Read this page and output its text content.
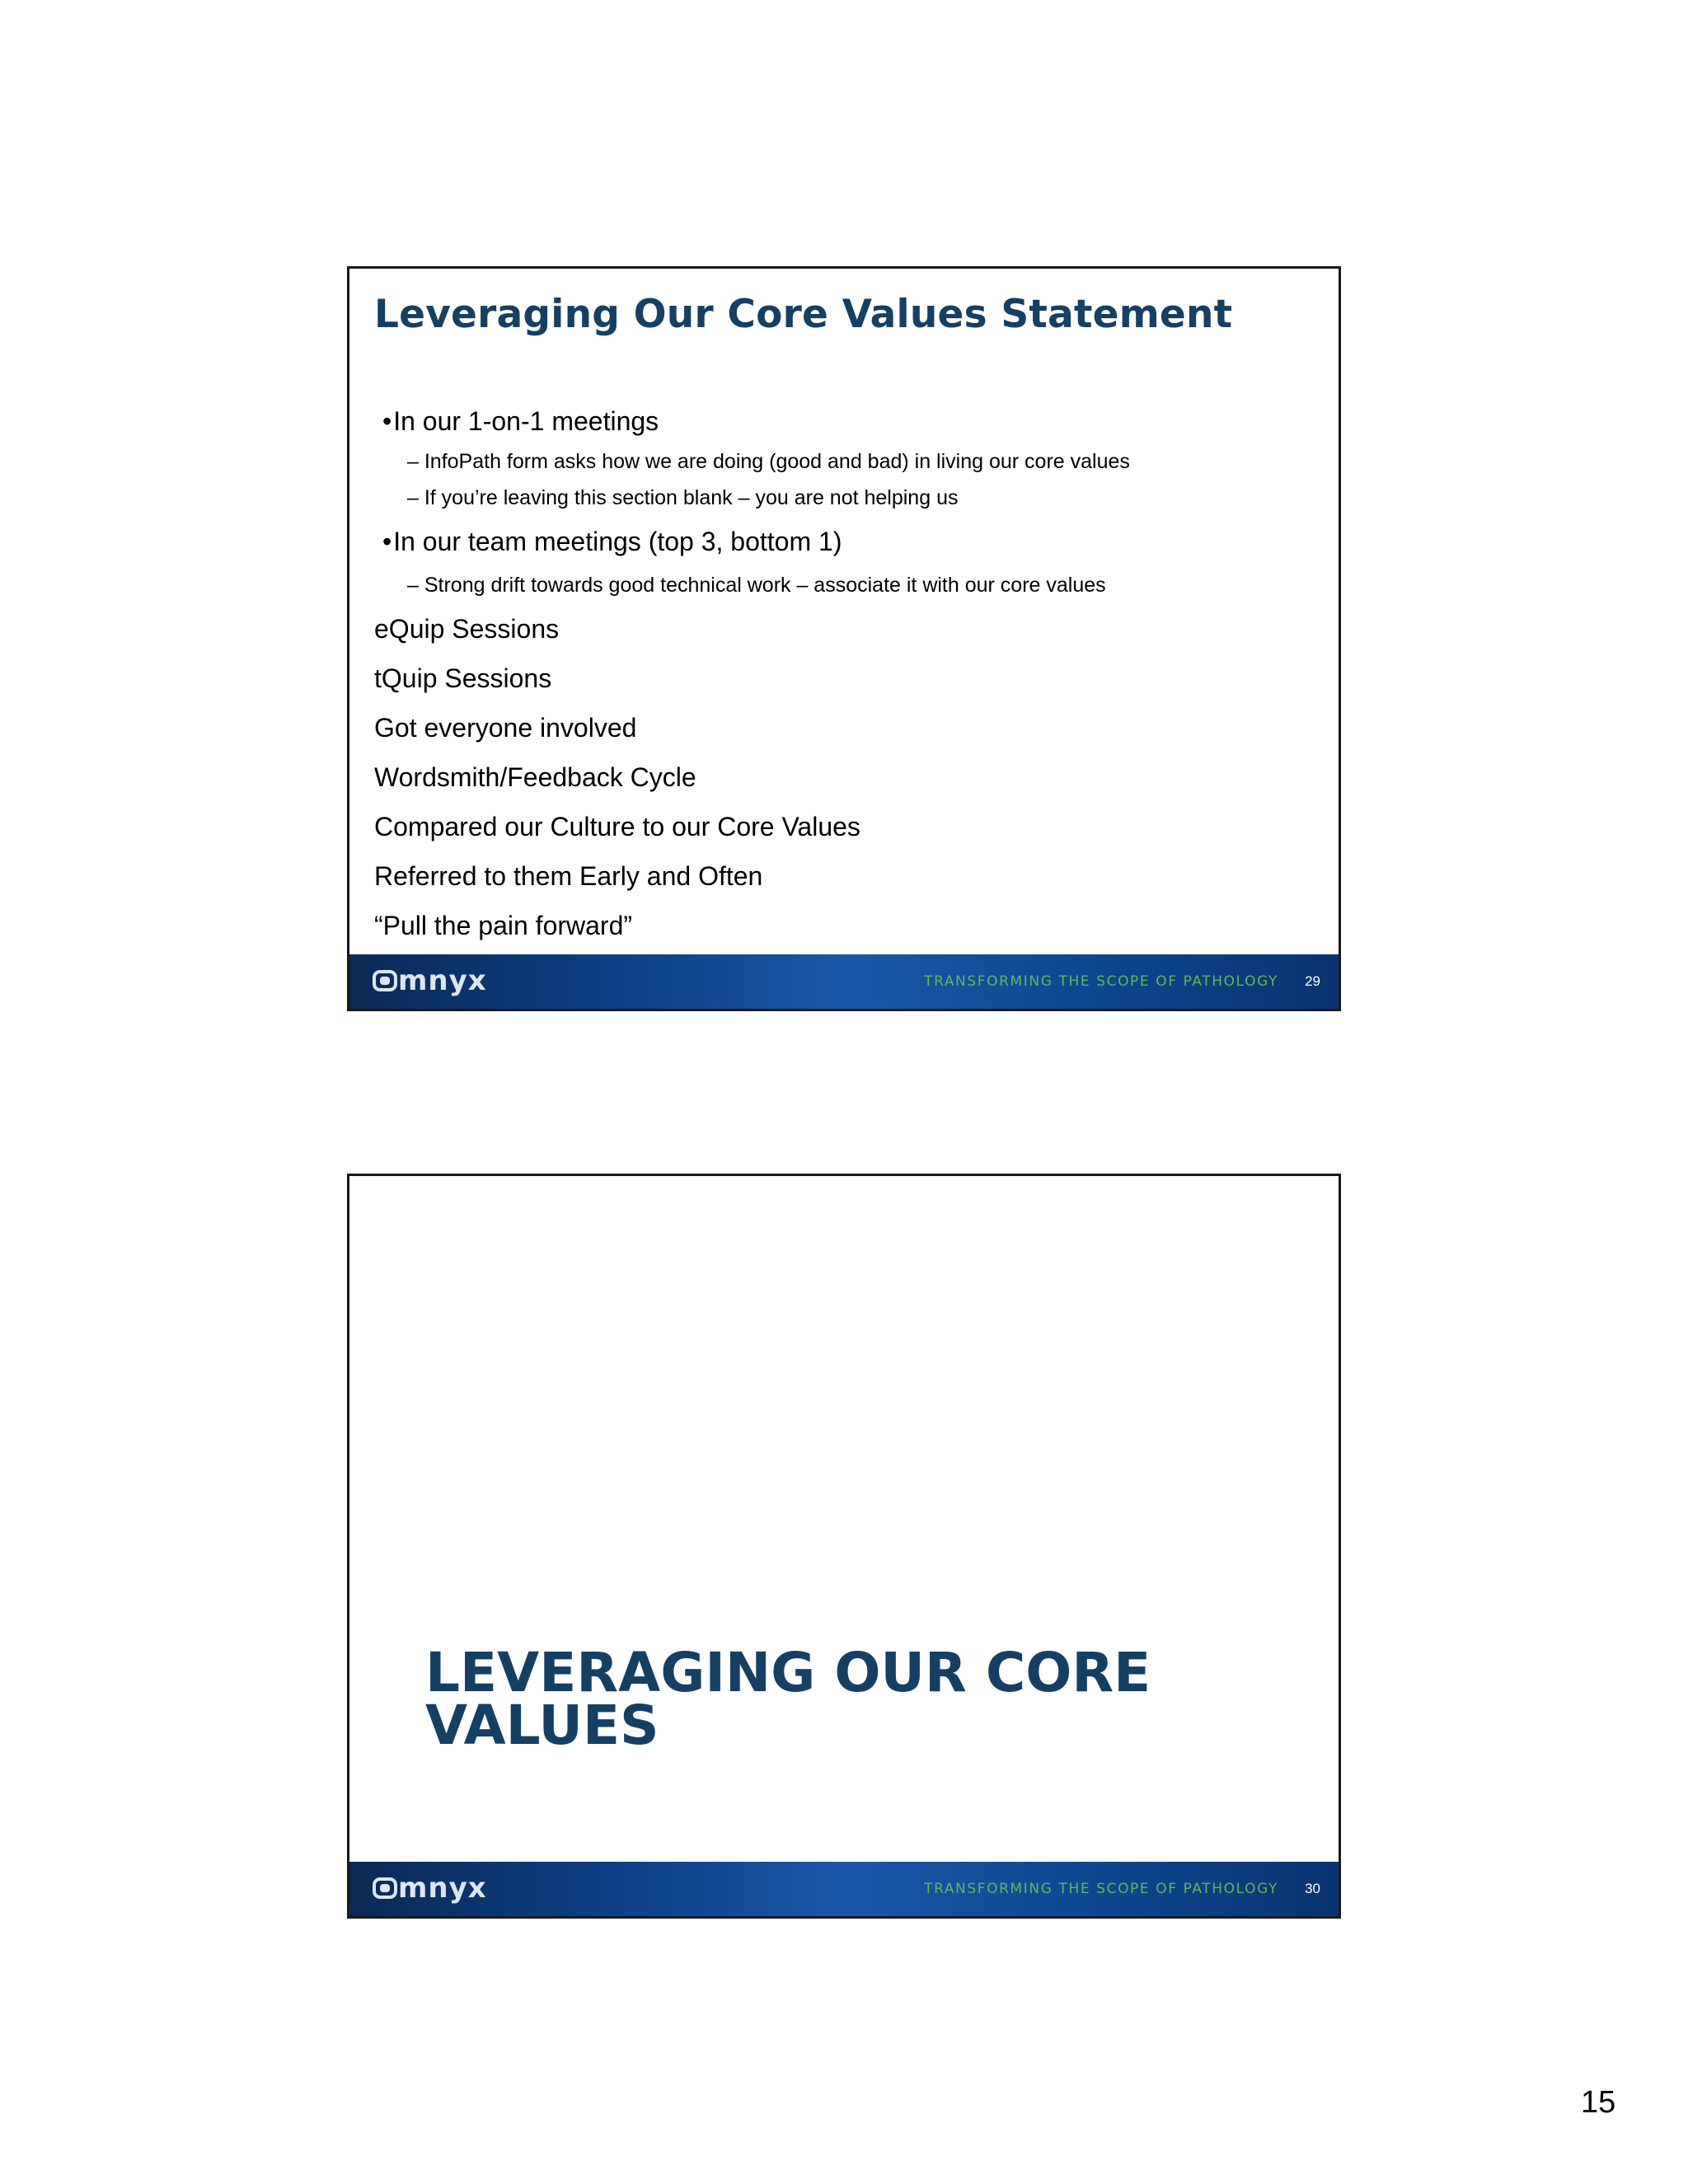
Leveraging Our Core Values Statement
•In our 1-on-1 meetings
– InfoPath form asks how we are doing (good and bad) in living our core values
– If you’re leaving this section blank – you are not helping us
•In our team meetings (top 3, bottom 1)
– Strong drift towards good technical work – associate it with our core values
eQuip Sessions
tQuip Sessions
Got everyone involved
Wordsmith/Feedback Cycle
Compared our Culture to our Core Values
Referred to them Early and Often
“Pull the pain forward”
mnyx	TRANSFORMING THE SCOPE OF PATHOLOGY 29
LEVERAGING OUR CORE VALUES
mnyx	TRANSFORMING THE SCOPE OF PATHOLOGY 30
15
